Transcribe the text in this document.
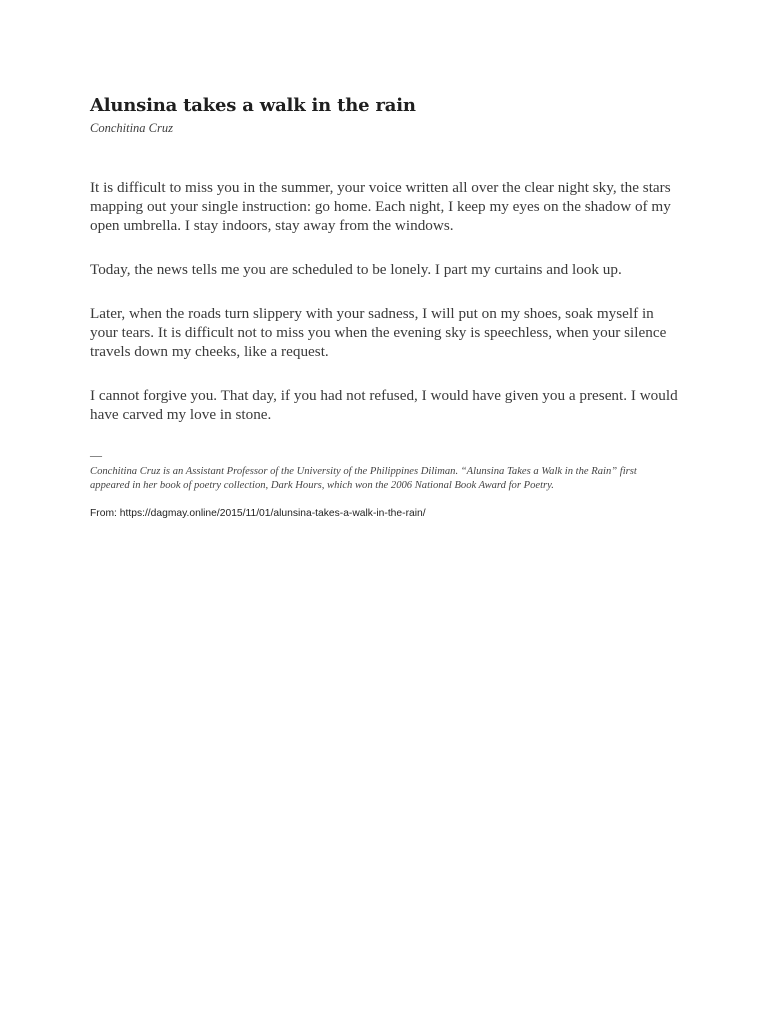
Alunsina takes a walk in the rain
Conchitina Cruz

It is difficult to miss you in the summer, your voice written all over the clear night sky, the stars mapping out your single instruction: go home. Each night, I keep my eyes on the shadow of my open umbrella. I stay indoors, stay away from the windows.

Today, the news tells me you are scheduled to be lonely. I part my curtains and look up.

Later, when the roads turn slippery with your sadness, I will put on my shoes, soak myself in your tears. It is difficult not to miss you when the evening sky is speechless, when your silence travels down my cheeks, like a request.

I cannot forgive you. That day, if you had not refused, I would have given you a present. I would have carved my love in stone.

—

Conchitina Cruz is an Assistant Professor of the University of the Philippines Diliman. “Alunsina Takes a Walk in the Rain” first appeared in her book of poetry collection, Dark Hours, which won the 2006 National Book Award for Poetry.

From: https://dagmay.online/2015/11/01/alunsina-takes-a-walk-in-the-rain/
